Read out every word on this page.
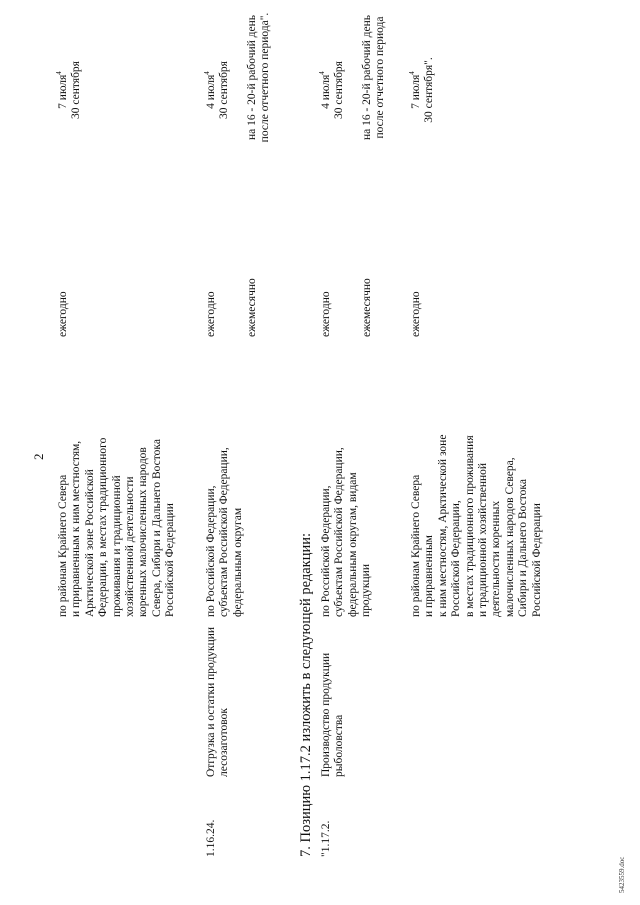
2
по районам Крайнего Севера
и приравненным к ним местностям,
Арктической зоне Российской
Федерации, в местах традиционного
проживания и традиционной
хозяйственной деятельности
коренных малочисленных народов
Севера, Сибири и Дальнего Востока
Российской Федерации
ежегодно
7 июля$^4$ 30 сентября
1.16.24.
Отгрузка и остатки продукции
лесозаготовок
по Российской Федерации,
субъектам Российской Федерации,
федеральным округам
ежегодно	ежемесячно
4 июля$^4$ 30 сентября
на 16 - 20-й рабочий день
после отчетного периода".
7. Позицию 1.17.2 изложить в следующей редакции: "1.17.2.
Производство продукции
рыболовства
по Российской Федерации,
субъектам Российской Федерации,
федеральным округам, видам
продукции
ежегодно	ежемесячно
4 июля$^4$ 30 сентября
на 16 - 20-й рабочий день
после отчетного периода
по районам Крайнего Севера
и приравненным
к ним местностям, Арктической зоне
Российской Федерации,
в местах традиционного проживания
и традиционной хозяйственной
деятельности коренных
малочисленных народов Севера,
Сибири и Дальнего Востока
Российской Федерации
ежегодно
7 июля$^4$ 30 сентября".
5423559.doc
